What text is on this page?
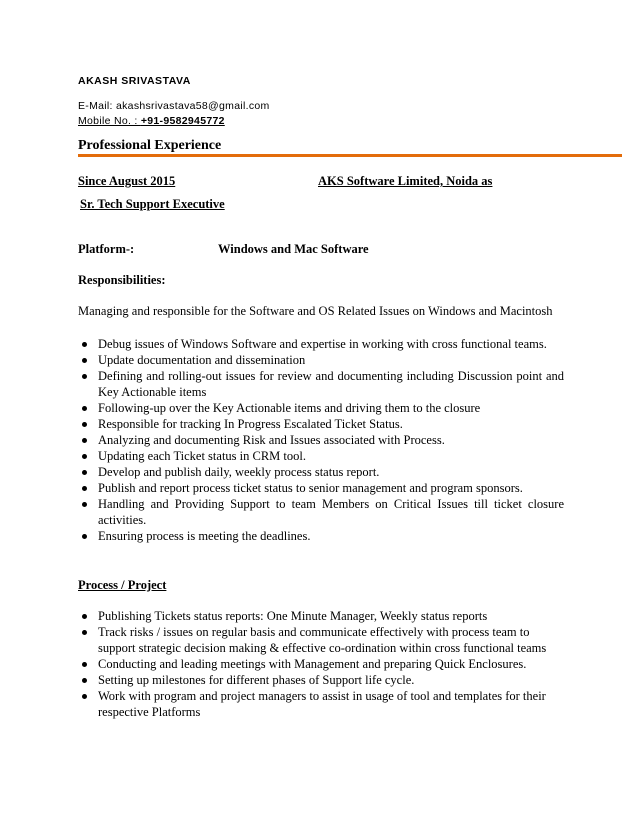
AKASH SRIVASTAVA
E-Mail: akashsrivastava58@gmail.com
Mobile No. : +91-9582945772
Professional Experience
Since August 2015	AKS Software Limited, Noida as
Sr. Tech Support Executive
Platform-:	Windows and Mac Software
Responsibilities:
Managing and responsible for the Software and OS Related Issues on Windows and Macintosh
Debug issues of Windows Software and expertise in working with cross functional teams.
Update documentation and dissemination
Defining and rolling-out issues for review and documenting including Discussion point and Key Actionable items
Following-up over the Key Actionable items and driving them to the closure
Responsible for tracking In Progress Escalated Ticket Status.
Analyzing and documenting Risk and Issues associated with Process.
Updating each Ticket status in CRM tool.
Develop and publish daily, weekly process status report.
Publish and report process ticket status to senior management and program sponsors.
Handling and Providing Support to team Members on Critical Issues till ticket closure activities.
Ensuring process is meeting the deadlines.
Process / Project
Publishing Tickets status reports: One Minute Manager, Weekly status reports
Track risks / issues on regular basis and communicate effectively with process team to support strategic decision making & effective co-ordination within cross functional teams
Conducting and leading meetings with Management and preparing Quick Enclosures.
Setting up milestones for different phases of Support life cycle.
Work with program and project managers to assist in usage of tool and templates for their respective Platforms
